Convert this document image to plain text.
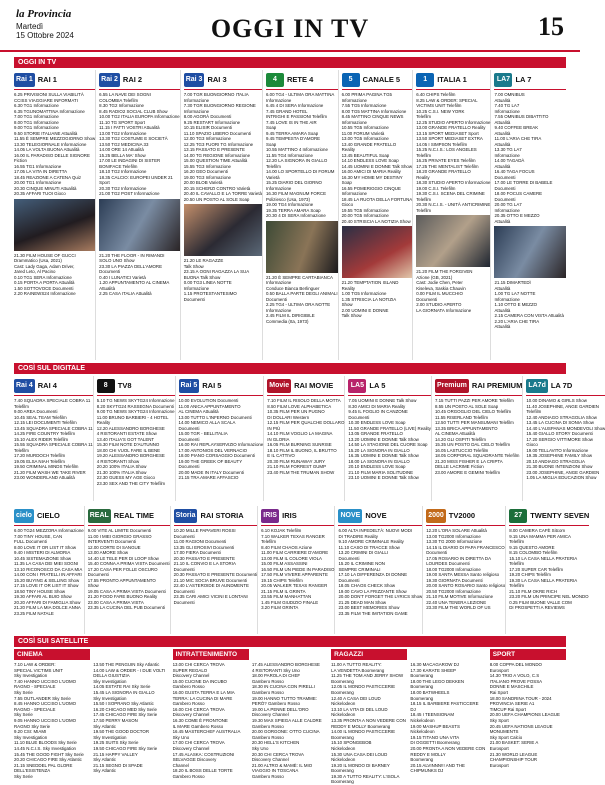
la Provincia
Martedì
15 Ottobre 2024	OGGI IN TV	15
OGGI IN TV
Rai 1 RAI 1
6.25 PRIVISIONI SULLA VIABILITÀ
CCISS VIAGGIARE INFORMATI
6.30 TG1 Informazione
6.35 TGUNOMATTINA Informazione
7.00 TG1 Informazione
8.00 TG1 Informazione
9.00 TG1 Informazione
9.50 STORIE ITALIANE Attualità
11.55 È SEMPRE MEZZOGIORNO Show
13.30 TELEGIORNALE Informazione
14.05 LA VOLTA BUONA Attualità
16.00 IL PARADISO DELLE SIGNORE
Fiction
16.55 TG1 Informazione
17.05 LA VITA IN DIRETTA
18.45 REAZIONE A CATENA Quiz
20.00 TG1 Informazione
20.30 CINQUE MINUTI Attualità
20.35 AFFARI TUOI Gioco
21.30 FILM HOUSE OF GUCCI
Drammatico (Usa, 2021)
Cast: Lady Gaga, Adam Driver,
Jared Leto, Al Pacino
0.10 TG1 SERA Informazione
0.15 PORTA A PORTA Attualità
1.50 SOTTOVOCE Documenti
2.20 RAINEWS24 Informazione
Rai 2 RAI 2
6.55 LA NAVE DEI SOGNI
COLOMBIA Telefilm
8.30 TG2 Informazione
8.45 RADIO2 SOCIAL CLUB Show
10.00 TG2 ITALIA EUROPA Informazione
11.10 TG SPORT Sport
11.15 I FATTI VOSTRI Attualità
13.00 TG2 Informazione
13.30 TG2 COSTUME E SOCIETÀ
13.50 TG2 MEDICINA 33
14.00 ORE 14 Attualità
15.25 BELLA MA' Show
17.00 LE INDAGINI DI SISTER
BONIFACE Telefilm
18.10 TG2 Informazione
18.35 CALCIO: EUROPEI UNDER 21
Sport
20.30 TG2 Informazione
21.00 TG2 POST Informazione
21.20 THE FLOOR - IN RIMANDI
SOLO UNO Show
23.30 LA PIAZZA DELL'AMORE
Documenti
0.40 I LUNATICI Varietà
1.20 APPUNTAMENTO AL CINEMA
Attualità
2.25 CASA ITALIA Attualità
Rai 3 RAI 3
7.00 TGR BUONGIORNO ITALIA
Informazione
7.30 TGR BUONGIORNO REGIONE
Informazione
8.00 AGORÀ Documenti
9.25 RESTART Informazione
10.15 ELISIR Documenti
11.10 SPAZIO LIBERO Documenti
12.00 TG3 Informazione
12.25 TG3 FUORI TG Informazione
13.15 PASSATO E PRESENTE
14.00 TG REGIONE Informazione
15.00 QUESTION TIME Attualità
15.55 TG3 Informazione
16.20 GEO Documenti
19.00 TG3 Informazione
20.00 BLOB Varietà
20.15 SCHERZI CONTRO Varietà
20.40 IL CAVALLO E LA TORRE Varietà
20.50 UN POSTO AL SOLE Soap
21.20 LE RAGAZZE
Talk Show
23.15 A OGNI RAGAZZA LA SUA
BUONA Talk Show
0.00 TG3 LINEA NOTTE
Informazione
1.15 PROTESTANTESIMO
Documenti
4	RETE 4
6.00 TG4 - ULTIMA ORA MATTINA
Informazione
6.45 4 DI SERA Informazione
7.45 GRAND HOTEL
INTRIGHI E PASSIONI Telefilm
7.45 LOVE IS IN THE AIR
Soap
9.45 TERRA AMARA Soap
9.45 TEMPESTA D'AMORE
Soap
10.55 MATTINO 4 Informazione
11.55 TG4 Informazione
12.20 LA SIGNORA IN GIALLO
Telefilm
14.00 LO SPORTELLO DI FORUM
Varietà
15.25 DIARIO DEL GIORNO
Informazione
16.30 FILM MAGNUM FORCE
Poliziesco (Usa, 1973)
19.00 TG4 Informazione
19.35 TERRA AMARA Soap
20.30 4 DI SERA Informazione
21.20 È SEMPRE CARTABIANCA
Informazione
Conduce Bianca Berlinguer
0.50 BALLA PARTE DEGLI ANIMALI
Documenti
2.25 TG4 - ULTIMA ORA NOTTE
Informazione
2.45 FILM IL DIRIGIBILE
Commedia (Ita, 1973)
5	CANALE 5
6.00 PRIMA PAGINA TG5
Informazione
7.55 TG5 Informazione
8.00 TG5 MATTINA Informazione
8.45 MATTINO CINQUE NEWS
Informazione
10.55 TG5 Informazione
11.00 FORUM Varietà
13.00 TG5 Informazione
13.40 GRANDE FRATELLO
Reality
13.45 BEAUTIFUL Soap
14.10 ENDLESS LOVE Soap
14.45 UOMINI E DONNE Talk Show
16.00 AMICI DI MARIA Reality
16.30 MY HOME MY DESTINY
Soap
16.55 POMERIGGIO CINQUE
Informazione
18.45 LA RUOTA DELLA FORTUNA
Gioco
19.55 TG5 Informazione
20.00 TG5 Informazione
20.40 STRISCIA LA NOTIZIA Show
21.20 TEMPTATION ISLAND
Reality
1.00 TG5 Informazione
1.35 STRISCIA LA NOTIZIA
Show
2.00 UOMINI E DONNE
Talk Show
1	ITALIA 1
6.40 CHIPS Telefilm
8.25 LAW & ORDER: SPECIAL
VICTIMS UNIT Telefilm
10.25 C.S.I. NEW YORK
Telefilm
12.25 STUDIO APERTO Informazione
13.00 GRANDE FRATELLO Reality
13.15 SPORT MEDIASET Sport
13.50 SPORT MEDIASET EXTRA
14.05 I SIMPSON Telefilm
15.25 N.C.I.S.: LOS ANGELES
Telefilm
16.25 PRIVATE EYES Telefilm
17.25 THE MENTALIST Telefilm
18.20 GRANDE FRATELLO
Reality
18.30 STUDIO APERTO Informazione
19.00 C.S.I. Telefilm
19.30 C.S.I. SCENA DEL CRIMINE
Telefilm
20.30 N.C.I.S. - UNITÀ ANTICRIMINE
Telefilm
21.20 FILM THE FORGIVEN
Azione (GB, 2021)
Cast: Jodie Chen, Peter
Kiseleva, Saskia Chauvin
0.00 FILM IL MUCCHIO
Documenti
2.00 STUDIO APERTO
LA GIORNATA Informazione
LA7 LA 7
7.00 OMNIBUS
Attualità
7.40 TG LA7
Informazione
7.55 OMNIBUS DIBATTITO
Attualità
9.40 COFFEE BREAK
Attualità
11.00 L'ARIA CHE TIRA
Attualità
13.30 TG LA7
Informazione
14.00 TAGADÀ
Attualità
16.40 TAGA FOCUS
Documenti
17.00 LE TORRE DI BABELE
Documenti
18.00 FOCUS CAMERE
Documenti
20.00 TG LA7
Informazione
20.35 OTTO E MEZZO
Attualità
21.15 DIMARTEDÌ
Attualità
1.00 TG LA7 NOTTE
Informazione
1.10 OTTO E MEZZO
Attualità
2.15 CAMERA CON VISTA Attualità
2.20 L'ARIA CHE TIRA
Attualità
COSÌ SUL DIGITALE
Rai 4 RAI 4
7.40 SQUADRA SPECIALE COBRA 11
Telefilm
9.00 AREA Documenti
10.45 SEAL TEAM Telefilm
12.15 LEI DOCUMENTI Telefilm
13.45 SQUADRA SPECIALE COBRA 11
14.25 FIRE COUNTRY Telefilm
15.10 ALEX RIDER Telefilm
15.55 SQUADRA SPECIALE COBRA 11
Telefilm
17.20 MURDOCH Telefilm
19.05 ELSA NIAH Telefilm
19.50 CRIMINAL MINDS Telefilm
21.20 FILM WASH WE TAKE RIVER
23.00 WONDERLAND Attualità
8	TV8
5.10 TG NEWS SKYTG24 Informazione
8.20 SKYTG24 RASSEGNA Documenti
9.00 TG NEWS SKYTG24 Informazione
11.00 BRUNO BARBIERI - 4 HOTEL
Reality
12.20 ALESSANDRO BORGHESE
4 RISTORANTI ESTATE Show
13.40 ITALIA'S GOT TALENT
15.30 FILM NOTE D'AUTUNNO
18.00 CHI VUOL FARE IL BENE
19.20 ALESSANDRO BORGHESE
4 RISTORANTI Show
20.20 100% ITALIA Show
21.30 100% ITALIA Show
22.30 GUESS MY AGE Gioco
23.30 SEX AND THE CITY Telefilm
Rai 5 RAI 5
10.00 EVOLUTION Documenti
11.00 ANICA APPUNTAMENTO
AL CINEMA Attualità
13.00 TUTTO L'INFERNO Documenti
14.00 NEMICO ALLA SCALA
Documenti
15.00 TGR - BELLITALIA
Documenti
16.00 RAI REPLAYSERVIZIO Informazione
17.00 ANTONIOS DEL VERNACIO
18.00 PIANO CORSAGGIO Documenti
19.00 THE GREEK OF BEAUTY
Documenti
20.00 MADE IN ITALY Documenti
21.15 TRA AMARE AFFASCIO
Movie RAI MOVIE
7.10 FILM IL RISOLO DELLA MOTTA
8.50 FILM LOVE ALPHABETICA
10.35 FILM PER UN PUGNO
DI DOLLARI Western
12.15 FILM PER QUALCHE DOLLARO
IN PIÙ
14.10 FILM VOGLIO LA MAGINA
IN GLORIA
16.05 FILM BURNING SUNRISE
18.10 FILM IL BUONO, IL BRUTTO
E IL CATTIVO
20.30 FILM RUNAWAY JURY
21.10 FILM FORREST GUMP
23.40 FILM THE TRUMAN SHOW
LA5 LA 5
7.05 UOMINI E DONNE Talk Show
8.30 AMICI DI MARIA Reality
9.45 IL FOGLIO IN CANZONE
Documenti
10.30 ENDLESS LOVE Soap
11.50 GRANDE FRATELLO (LIVE) Reality
13.05 GRANDE FRATELLO
13.20 UOMINI E DONNE Talk Show
14.50 LA STAGIONE DEL CUORE Soap
15.20 LA SIGNORA IN GIALLO
16.35 UOMINI E DONNE Talk Show
18.00 LA SIGNORA IN GIALLO
20.10 ENDLESS LOVE Soap
21.10 FILM MARIA SOLITUDINE
23.10 UOMINI E DONNE Talk Show
Premium RAI PREMIUM
7.15 TUTTI PAZZI PER AMORE Telefilm
8.55 UN POSTO AL SOLE Soap
10.45 ORGOGLIO DEL CIELO Telefilm
11.55 RISERLAND Telefilm
12.50 TUTTI PER MANSUMANI Telefilm
13.35 BRICA APPUNTAMENTO
AL CINEMA Attualità
14.20 GLI OSPITI Telefilm
15.35 UN POSTO DAL CIELO Telefilm
16.05 LASTUCCIO Telefilm
18.05 CORPORAL SQUADRANTE Telefilm
21.20 MISS FISHER E LA CRIPTA
DELLE LACRIME Fiction
23.00 AMORE E GEMINI Telefilm
LA7d LA 7D
10.00 DINAMO & GIRLS Show
11.40 JOSEPHINE, ANGE GARDIEN
Telefilm
12.40 ANDIAGO STRAGOLIA Show
13.45 LA CUCINA DI SONIA Show
14.40 L'AUSPANAS MONDEVOLI Show
15.40 GIALLO STORY Documenti
17.20 SERGIO VITTIMORE Show
Gioco
19.00 TELLAVITO Informazione
19.35 JOSEPHINE FAMILY Show
20.10 ANDIAGO STRAGOLIA
21.30 BUONE INTENZIONI Show
23.00 JOSEPHINE, ANGE GARDIEN
1.05 LA MIGLIA EDUCAZION Show
cielo CIELO
6.00 TG24 MEZZORA Informazione
7.00 TINY HOUSE, CAN
FULL Documenti
8.00 LOVE IT OR LIST IT Show
9.40 I MISTERI DI ALMORIA
10.45 SISTEMAZIONE Show
11.35 LA CASA DEI MIEI SOGNI
13.10 RICONOSCO DA CASA MIA
14.00 CON I FRATELLI IN AFFARI
15.20 BUYING & SELLING Show
17.15 LOVE IT OR LIST IT Show
18.50 TINY HOUSE Show
19.30 AFFARI AL BUIO Show
20.20 AFFARI DI FAMIGLIA Show
21.20 FILM LA MIA DOLCE ANNA
23.25 FILM NATALE
REAL REAL TIME
9.00 VITE AL LIMITE Documenti
11.00 I MIEI GIORGIO GRASSO
INTERVENTI Documenti
12.00 CORTE DI SANGUE
13.00 AMORE Show
14.40 LE TELE PER DI LOOP Show
15.40 CONNA A PRIMA VISTA Documenti
17.20 CASA PER FOLLE OSCURO
Documenti
17.55 PRONTO APPUNTAMENTO
Show
19.05 CASA A PRIMA VISTA Documenti
21.20 FOOD FARE BUONO Reality
23.00 CASA A PRIMA VISTA
23.35 LA CUCINA DEL PUB Documenti
Storia RAI STORIA
10.20 MILLE PAPAVERI ROSSI
Documenti
11.00 RAGIONI Documenti
13.35 GLI EROSIVI Documenti
17.00 FIERA Documenti
20.30 PASSATO E PRESENTE
21.10 IL CONVIO E LA STORIA
Documenti
20.30 PASSATO E PRESENTE Documenti
21.10 MIC SOCIA BRUVE Documenti
22.40 L'ASTEROIDE DI AUNDMENTE
Documenti
23.35 CARI AMICI VICINI E LONTANI
Documenti
IRIS IRIS
6.10 KOJAK Telefilm
7.10 WALKER TEXAS RANGER
Telefilm
8.40 FILM CHAOS Azione
11.00 FILM CARRIERE D'AMORE
13.00 FILM IL COLORE VIOLA
15.00 FILM ASSASSINI
16.50 FILM UN PIEDE IN PARADISO
17.50 FILM VIVERE APPARENTE
19.15 CHIPS Telefilm
20.05 WALKER TEXAS RANGER
21.15 FILM IL GRINTA
23.55 FILM MANHATTAN
1.45 FILM GIUDIZIO FINALE
3.20 FILM GRINTA
NOVE NOVE
6.00 ALTA INFEDELTÀ: NUOVI MODI
DI TRADIRE Reality
9.10 AMORE CRIMINALE Reality
11.10 CASO DI TRACCE Show
13.20 CRIMINI DI GIALLI
Documenti
15.20 IL CRIMINE NON
SEMPRE CRIMINALI
17.10 LA DIFFERENZA DI DONNE
Documenti
18.05 CHAOS CHECK Show
19.00 CAVO LA FRIZZANTE Show
20.00 DON'T FORGET THE LYRICS Show
21.25 DEAD MAN Show
23.00 BEST MEMORIES Show
23.35 FILM THE IMITATION GAME
2000 TV2000
12.20 L'ORA SOLARE Attualità
13.00 TG2000 Informazione
13.30 TG 2000 Informazione
14.15 IL DIARIO DI PAPA FRANCESCO
Documenti
17.05 ROSARIO IN DIRETTA DA
LOURDES Documenti
18.00 TG2000 Informazione
19.00 SANTA MESSA Santo religioso
19.30 GIORNATA Documenti
20.00 SANTO ROSARIO Santo religioso
20.50 TG2000 Informazione
21.10 FILM MOTIVE Informazione
22.40 UNA TENERA LEZIONE
23.30 FILM THE WORLD OF US
27	TWENTY SEVEN
8.00 CAMERA CAFÈ Sitcom
9.15 UNA MAMMA PER AMICA
Telefilm
9.15 QUESTO AMORE
8.15 COLOMBO Telefilm
15.10 LA CASA NELLA PRATERIA
Telefilm
17.20 SUPER CAR Telefilm
19.20 CHIPS Telefilm
19.30 LA CASA NELLA PRATERIA
Telefilm
21.10 FILM OKRE RICH
23.20 FILM UN PRINCIPE NEL MONDO
0.25 FILM BUONE VALLE COM
DI PROSPETTI A REVIEWS
COSÌ SUI SATELLITE
CINEMA
7.10 LAW & ORDER:
SPECIAL VICTIMS UNIT
Sky Investigation
7.40 HANNO UCCISO L'UOMO
RAGNO - SPECIALE
Sky Serie
7.55 OUTLANDER Sky Serie
8.45 HANNO UCCISO L'UOMO
RAGNO - SPECIALE
Sky Serie
9.05 HANNO UCCISO L'UOMO
RAGNO Sky Serie
9.20 CSI: MIAMI
Sky Investigation
11.10 BLUE BLOODS Sky Serie
14.45 N.C.I.S. Sky Investigation
15.45 THE GOOD FIGHT Sky Serie
20.20 CHICAGO FIRE Sky Atlantic
21.15 SNEDDEL PAL GLORE
DELL'ESISTENZA
Sky Serie
13.50 THE PENGUIN Sky Atlantic
14.00 LAW & ORDER - I DUE VOLTI
DELLA GIUSTIZIA
Sky Investigation
14.05 ESTATE RAI Sky Serie
15.45 LA SIGNORA IN GIALLO
Sky Investigation
15.50 I SOPRANO Sky Atlantic
16.20 CHICAGO MED Sky Serie
17.45 CHICAGO FIRE Sky Serie
17.50 PERRY MASON
Sky Atlantic
19.50 THE GOOD DOCTOR
Sky Investigation
19.25 SUITS Sky Serie
19.50 CHICAGO FIRE Sky Serie
21.15 HAPPY VALLEY
Sky Atlantic
21.15 SEGNO DI SPADE
Sky Atlantic
INTRATTENIMENTO
13.00 CHI CERCA TROVA
SUPER REGALO
Discovery Channel
15.00 CUCINE DA INCUBO
Gambero Rosso
16.00 GUSTA TERRA E LA MIA
TERRA: LA CUCINA DI MARE
Gambero Rosso
16.00 CHI CERCA TROVA
Discovery Channel
16.30 COME È FRONTONE
IL MARE Gambero Rosso
16.45 MASTERCHEF AUSTRALIA
Sky Uno
17.00 CHI CERCA TROVA
Discovery Channel
17.45 ALASKA: COSTRUZIONI
SELVAGGE Discovery
Channel
18.20 IL BOSS DELLE TORTE
Gambero Rosso
17.45 ALESSANDRO BORGHESE
4 RISTORANTI Sky Uno
18.00 PAROLA DI CHEF
Gambero Rosso
18.30 IN CUCINA CON PIRELLI
Gambero Rosso
19.00 HANNO TUTTO TRAMME:
PERÒ? Gambero Rosso
19.00 LA PENNE DELL'ORO
Discovery Channel
19.30 MAX SPIEGA ALLE CALDRE
Gambero Rosso
20.00 GORGONE: OTTO CUCINA
Gambero Rosso
20.30 HELL'S KITCHEN
Sky Uno
20.30 CHI CERCA TROVA
Discovery Channel
21.00 ALTRO & MAMÈ: IL MIO
VIAGGIO IN TOSCANA
Gambero Rosso
RAGAZZI
11.00 A TUTTO REALITY:
LA VENDETTA Boomerang
11.25 THE TOM AND JERRY SHOW
Boomerang
12.05 IL MONDO PASTICCERIE
Boomerang
12.40 A CASA DEI LOUD
Nickelodeon
13.10 LA VITA DI DEL LOUD
Nickelodeon
13.35 PRONTA A NON VEDERE CON
REDDY E MOLLY Boomerang
14.00 IL MONDO PASTICCERIE
Boomerang
15.10 SPONGEBOB
Nickelodeon
15.30 UNA CASA DEI LOUD
Nickelodeon
19.20 IL MONDO DI BARNEY
Boomerang
19.30 A TUTTO REALITY: L'ISOLA
Boomerang
16.30 MACAGAROW DJ
17.30 KARATE SHEEP
Boomerang
18.00 THE LEGO DEKKEN
Boomerang
18.00 BATWHEELS
Boomerang
18.15 IL BARBIERE PASTICCERE
DJ
18.45 I TEENSIONAM
Nickelodeon
19.00 MASHUP BEASTS
Nickelodeon
19.15 TITANO UNA VITA
DI OGGETTI Boomerang
20.00 PRONTA A NON VEDERE CON
REDDY E MOLLY
Boomerang
20.15 ALVINNN!!! AND THE
CHIPMUNKS DJ
SPORT
8.00 COPPA DEL MONDO
Eurosport
14.30 TRIO A VOLO, C.S
ITALIANO PROVE FOSSA
DONNE E MASCHILE
Rai Sport
18.00 SANDRINA TOUR - 2024
PROVINCIA SERIE A1
TIMCUP Rai Sport
20.00 UEFA CHAMPIONS LEAGUE
Sky Sport
20.45 UEFA NATIONS LEAGUE
MONUMENTS
Sky Sport Calcio
21.00 BASKET: SERIE A
Eurosport
21.30 WORLD LEAGUE
CHAMPIONSHIP TOUR
Eurosport
